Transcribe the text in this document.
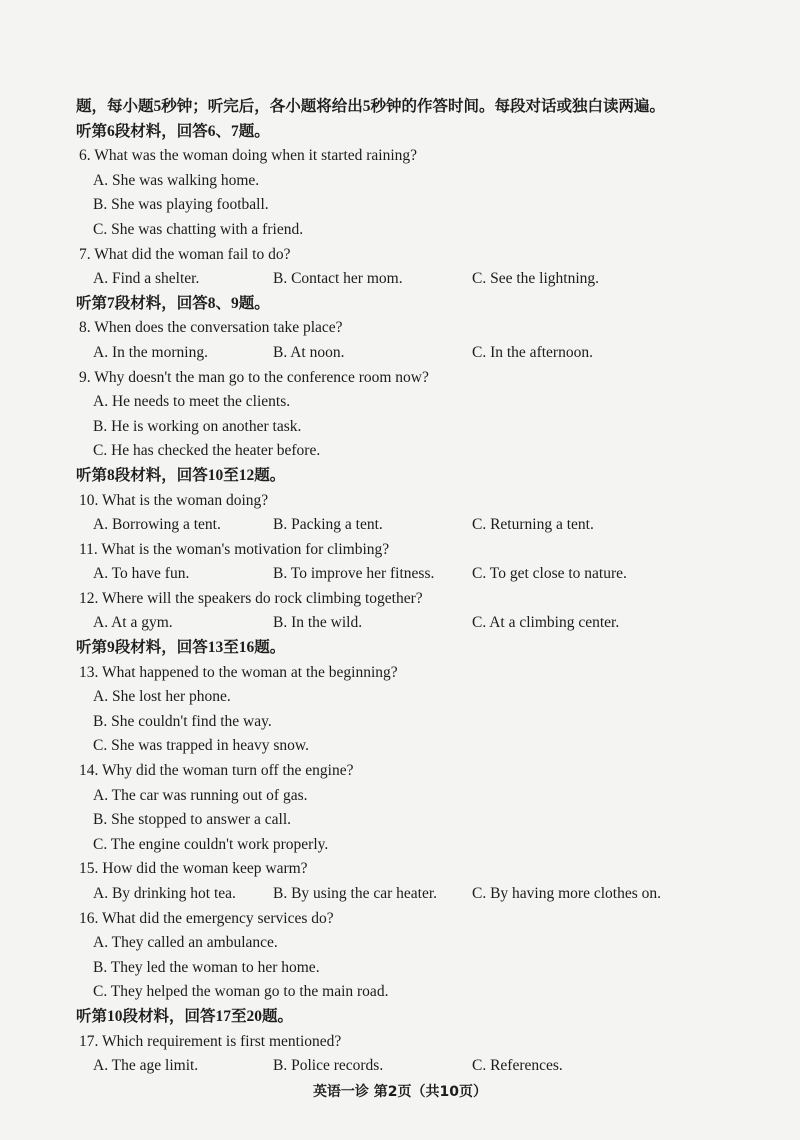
题，每小题5秒钟；听完后，各小题将给出5秒钟的作答时间。每段对话或独白读两遍。
听第6段材料，回答6、7题。
6. What was the woman doing when it started raining?
A. She was walking home.
B. She was playing football.
C. She was chatting with a friend.
7. What did the woman fail to do?
A. Find a shelter.	B. Contact her mom.	C. See the lightning.
听第7段材料，回答8、9题。
8. When does the conversation take place?
A. In the morning.	B. At noon.	C. In the afternoon.
9. Why doesn't the man go to the conference room now?
A. He needs to meet the clients.
B. He is working on another task.
C. He has checked the heater before.
听第8段材料，回答10至12题。
10. What is the woman doing?
A. Borrowing a tent.	B. Packing a tent.	C. Returning a tent.
11. What is the woman's motivation for climbing?
A. To have fun.	B. To improve her fitness.	C. To get close to nature.
12. Where will the speakers do rock climbing together?
A. At a gym.	B. In the wild.	C. At a climbing center.
听第9段材料，回答13至16题。
13. What happened to the woman at the beginning?
A. She lost her phone.
B. She couldn't find the way.
C. She was trapped in heavy snow.
14. Why did the woman turn off the engine?
A. The car was running out of gas.
B. She stopped to answer a call.
C. The engine couldn't work properly.
15. How did the woman keep warm?
A. By drinking hot tea.	B. By using the car heater.	C. By having more clothes on.
16. What did the emergency services do?
A. They called an ambulance.
B. They led the woman to her home.
C. They helped the woman go to the main road.
听第10段材料，回答17至20题。
17. Which requirement is first mentioned?
A. The age limit.	B. Police records.	C. References.
英语一诊 第2页（共10页）
